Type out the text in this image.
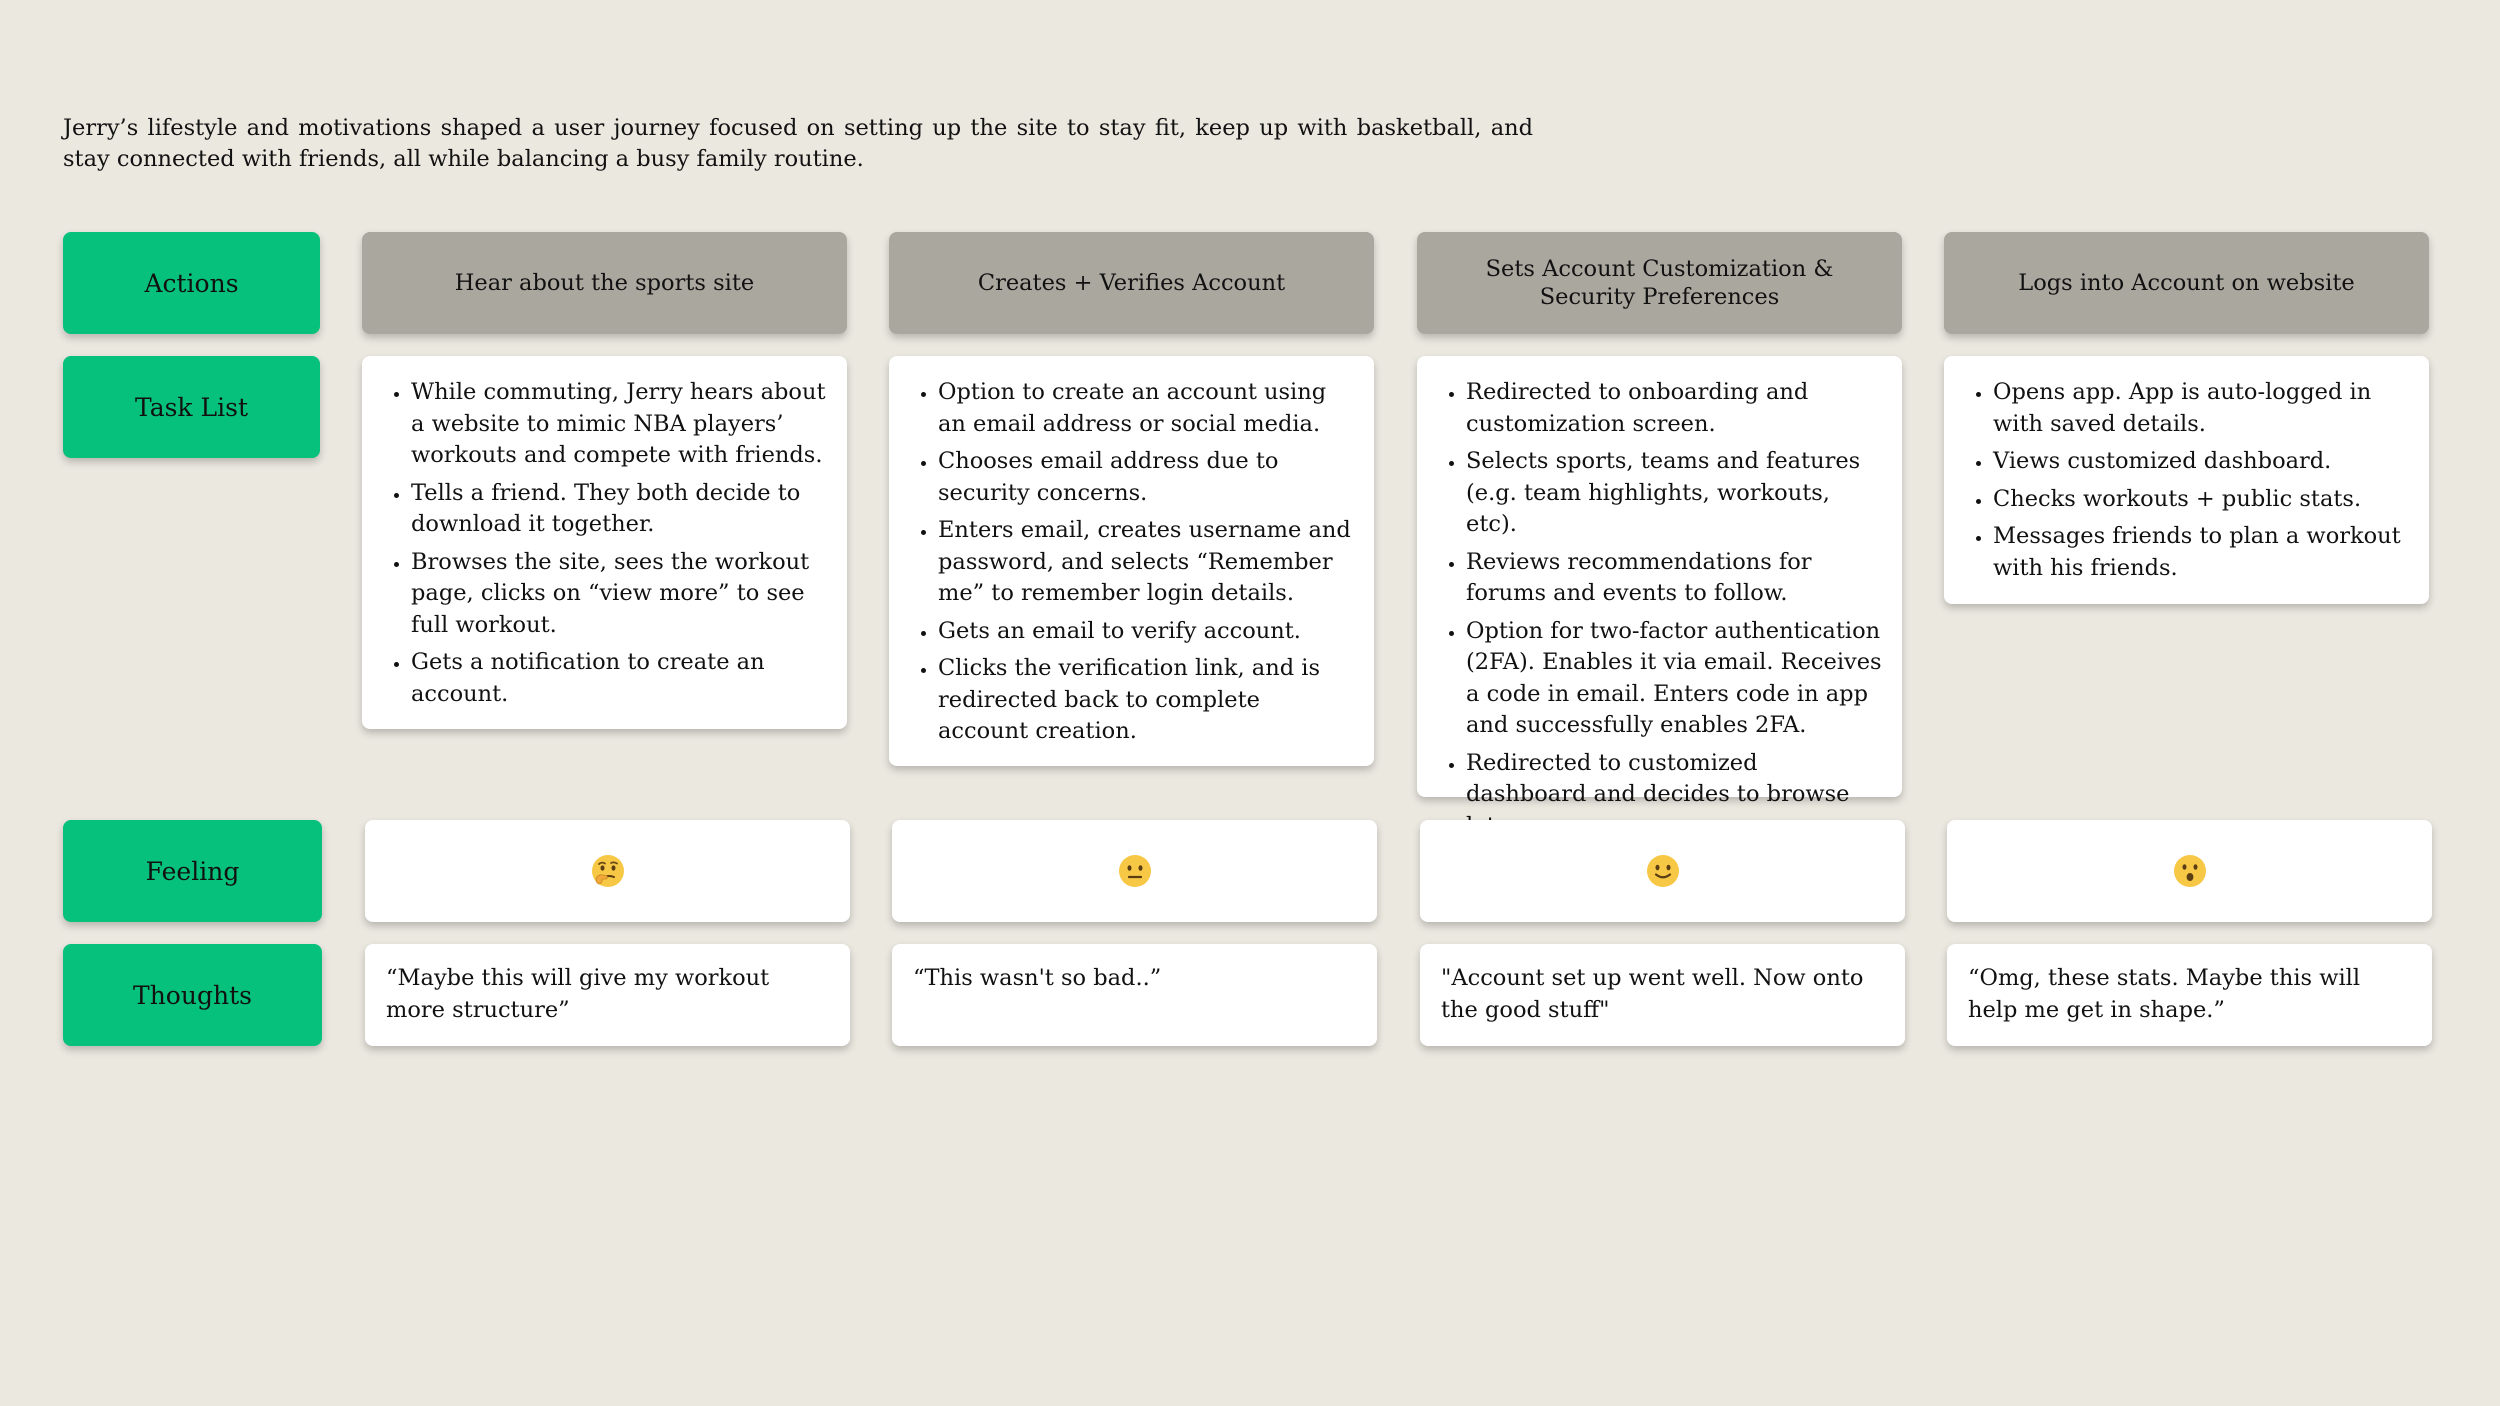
Jerry’s lifestyle and motivations shaped a user journey focused on setting up the site to stay fit, keep up with basketball, and stay connected with friends, all while balancing a busy family routine.

Actions
Task List
Feeling
Thoughts
Hear about the sports site	Creates + Verifies Account
Sets Account Customization & Security Preferences
Logs into Account on website
• While commuting, Jerry hears about a website to mimic NBA players’ workouts and compete with friends.
• Tells a friend. They both decide to download it together.
• Browses the site, sees the workout page, clicks on “view more” to see full workout.
• Gets a notification to create an account.
• Option to create an account using an email address or social media.
• Chooses email address due to security concerns.
• Enters email, creates username and password, and selects “Remember me” to remember login details.
• Gets an email to verify account.
• Clicks the verification link, and is redirected back to complete account creation.
• Redirected to onboarding and customization screen.
• Selects sports, teams and features (e.g. team highlights, workouts, etc).
• Reviews recommendations for forums and events to follow.
• Option for two-factor authentication (2FA). Enables it via email. Receives a code in email. Enters code in app and successfully enables 2FA.
• Redirected to customized dashboard and decides to browse
• Opens app. App is auto-logged in with saved details.
• Views customized dashboard.
• Checks workouts + public stats.
• Messages friends to plan a workout with his friends.
“Maybe this will give my workout more structure”
“This wasn't so bad..”	"Account set up went well. Now onto the good stuff"
“Omg, these stats. Maybe this will help me get in shape.”
